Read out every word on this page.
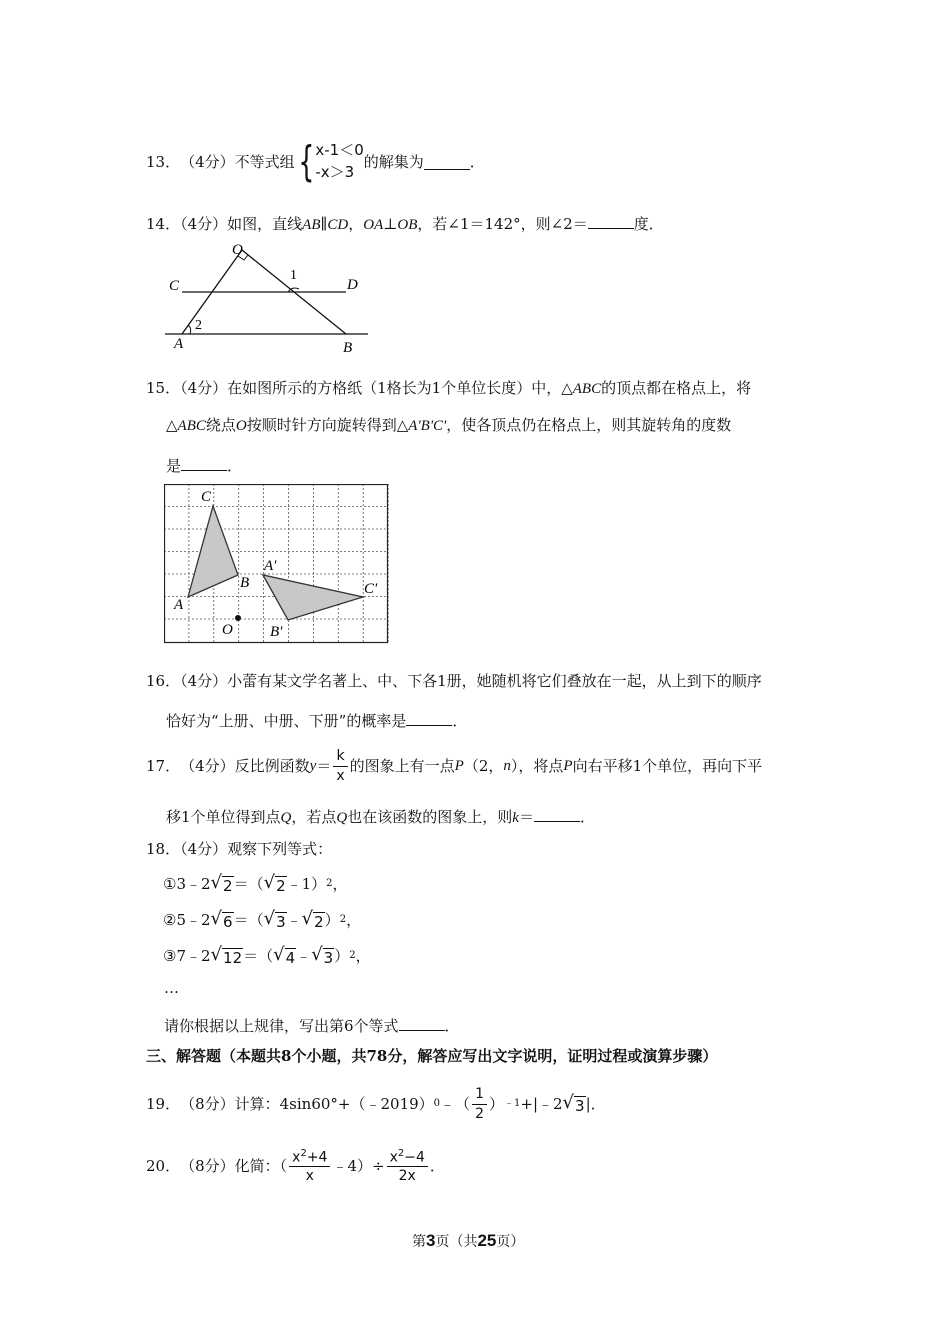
13． （4分） 不等式组 { x-1＜0
-x＞3
的解集为	．
14．（4分）如图，直线AB∥CD，OA⊥OB，若∠1＝142°，则∠2＝	度．
O
C	D
A	B
1
2
15．（4分）在如图所示的方格纸（1格长为1个单位长度）中，△ABC的顶点都在格点上，将
△ABC绕点O按顺时针方向旋转得到△A'B'C'，使各顶点仍在格点上，则其旋转角的度数
是	．
C
A
B
O
A′
B′
C′
16．（4分）小蕾有某文学名著上、中、下各1册，她随机将它们叠放在一起，从上到下的顺序
恰好为“上册、中册、下册”的概率是	．
17． （4分） 反比例函数 $y = \frac{k}{x}$ 的图象上有一点 P （2， n ），将点 P 向右平移1个单位，再向下平
移1个单位得到点Q，若点Q也在该函数的图象上，则k＝	．
18．（4分）观察下列等式：
①3﹣2 √ 2 ＝（ √ 2 ﹣1） 2 ，
②5﹣2 √ 6 ＝（ √ 3 ﹣ √ 2 ） 2 ，
③7﹣2 √ 12 ＝（ √ 4 ﹣ √ 3 ） 2 ，
…
请你根据以上规律，写出第6个等式	．
三、解答题（本题共8个小题，共78分，解答应写出文字说明，证明过程或演算步骤）
19． （8分） 计算：4sin60°+（﹣2019） 0 ﹣（ $\frac{1}{2}$ ） ﹣1 +|﹣2 √ 3 |．
20． （8分） 化简：（ $\frac{x^2+4}{x}$ ﹣4）÷ $\frac{x^2-4}{2x}$ ．
第3页（共25页）
